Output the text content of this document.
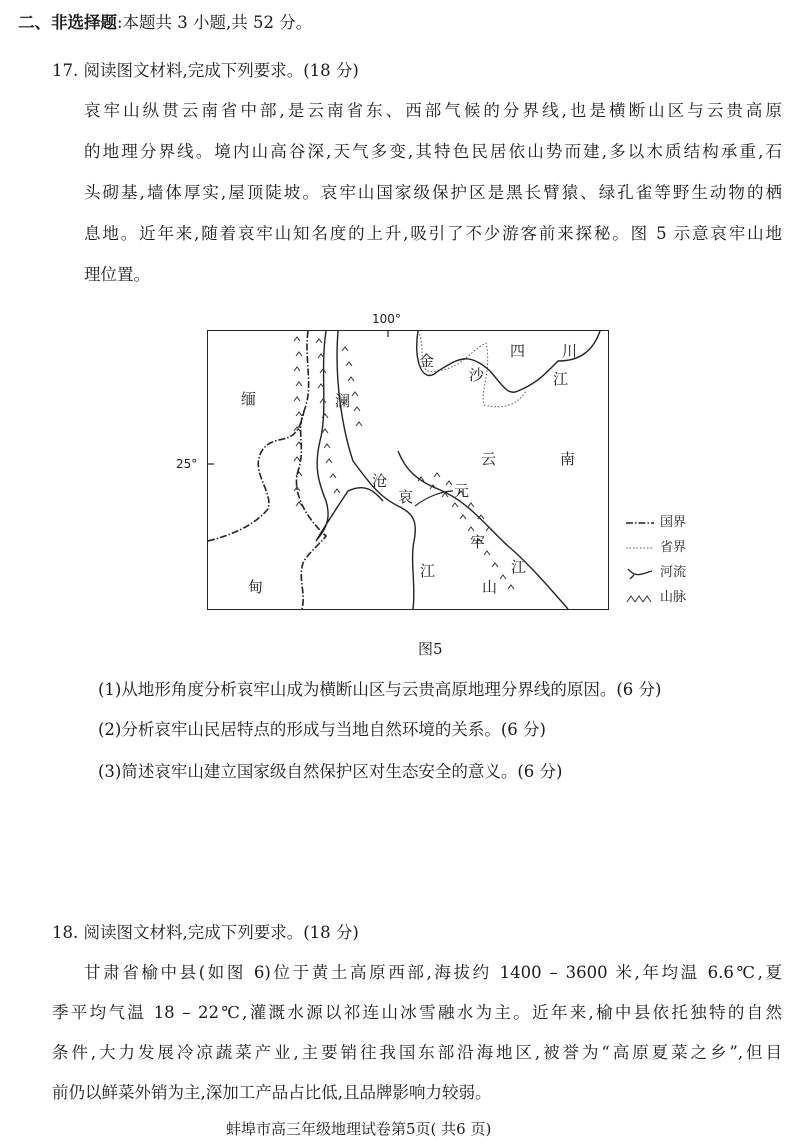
二、非选择题:本题共 3 小题,共 52 分。
17. 阅读图文材料,完成下列要求。(18 分)
哀牢山纵贯云南省中部,是云南省东、西部气候的分界线,也是横断山区与云贵高原
的地理分界线。境内山高谷深,天气多变,其特色民居依山势而建,多以木质结构承重,石
头砌基,墙体厚实,屋顶陡坡。哀牢山国家级保护区是黑长臂猿、绿孔雀等野生动物的栖
息地。近年来,随着哀牢山知名度的上升,吸引了不少游客前来探秘。图 5 示意哀牢山地
理位置。
100°
25°
缅
甸
澜
沧
江
金
沙
四 川
江
云	南
哀
牢
山
元
江
国界
省界
河流
山脉
图5
(1)从地形角度分析哀牢山成为横断山区与云贵高原地理分界线的原因。(6 分)
(2)分析哀牢山民居特点的形成与当地自然环境的关系。(6 分)
(3)简述哀牢山建立国家级自然保护区对生态安全的意义。(6 分)
18. 阅读图文材料,完成下列要求。(18 分)
甘肃省榆中县(如图 6)位于黄土高原西部,海拔约 1400 – 3600 米,年均温 6.6℃,夏
季平均气温 18 – 22℃,灌溉水源以祁连山冰雪融水为主。近年来,榆中县依托独特的自然
条件,大力发展冷凉蔬菜产业,主要销往我国东部沿海地区,被誉为“高原夏菜之乡”,但目
前仍以鲜菜外销为主,深加工产品占比低,且品牌影响力较弱。
蚌埠市高三年级地理试卷第5页( 共6 页)
